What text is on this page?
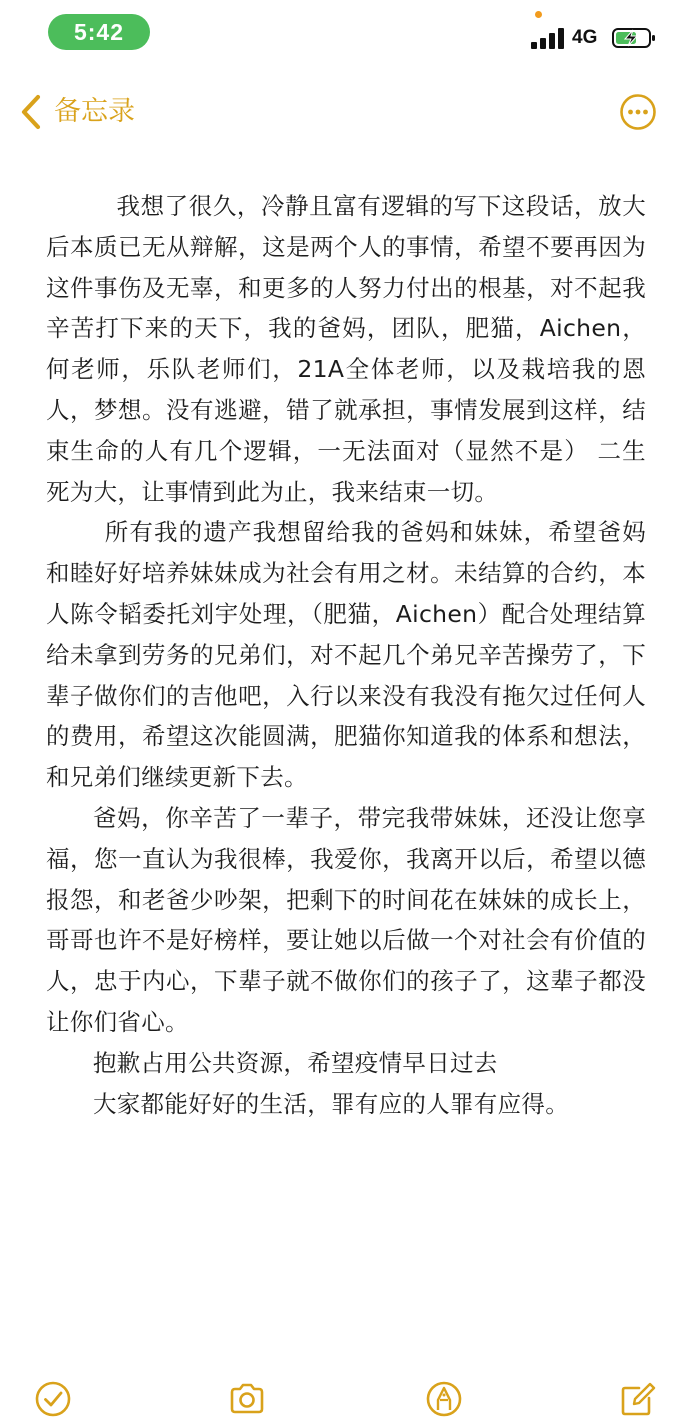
5:42	4G
备忘录

我想了很久，冷静且富有逻辑的写下这段话，放大后本质已无从辩解，这是两个人的事情，希望不要再因为这件事伤及无辜，和更多的人努力付出的根基，对不起我辛苦打下来的天下，我的爸妈，团队，肥猫，Aichen，何老师，乐队老师们，21A全体老师，以及栽培我的恩人，梦想。没有逃避，错了就承担，事情发展到这样，结束生命的人有几个逻辑，一无法面对（显然不是） 二生死为大，让事情到此为止，我来结束一切。

所有我的遗产我想留给我的爸妈和妹妹，希望爸妈和睦好好培养妹妹成为社会有用之材。未结算的合约，本人陈令韬委托刘宇处理，（肥猫，Aichen）配合处理结算给未拿到劳务的兄弟们，对不起几个弟兄辛苦操劳了，下辈子做你们的吉他吧，入行以来没有我没有拖欠过任何人的费用，希望这次能圆满，肥猫你知道我的体系和想法，和兄弟们继续更新下去。

爸妈，你辛苦了一辈子，带完我带妹妹，还没让您享福，您一直认为我很棒，我爱你，我离开以后，希望以德报怨，和老爸少吵架，把剩下的时间花在妹妹的成长上，哥哥也许不是好榜样，要让她以后做一个对社会有价值的人，忠于内心，下辈子就不做你们的孩子了，这辈子都没让你们省心。

抱歉占用公共资源，希望疫情早日过去

大家都能好好的生活，罪有应的人罪有应得。
